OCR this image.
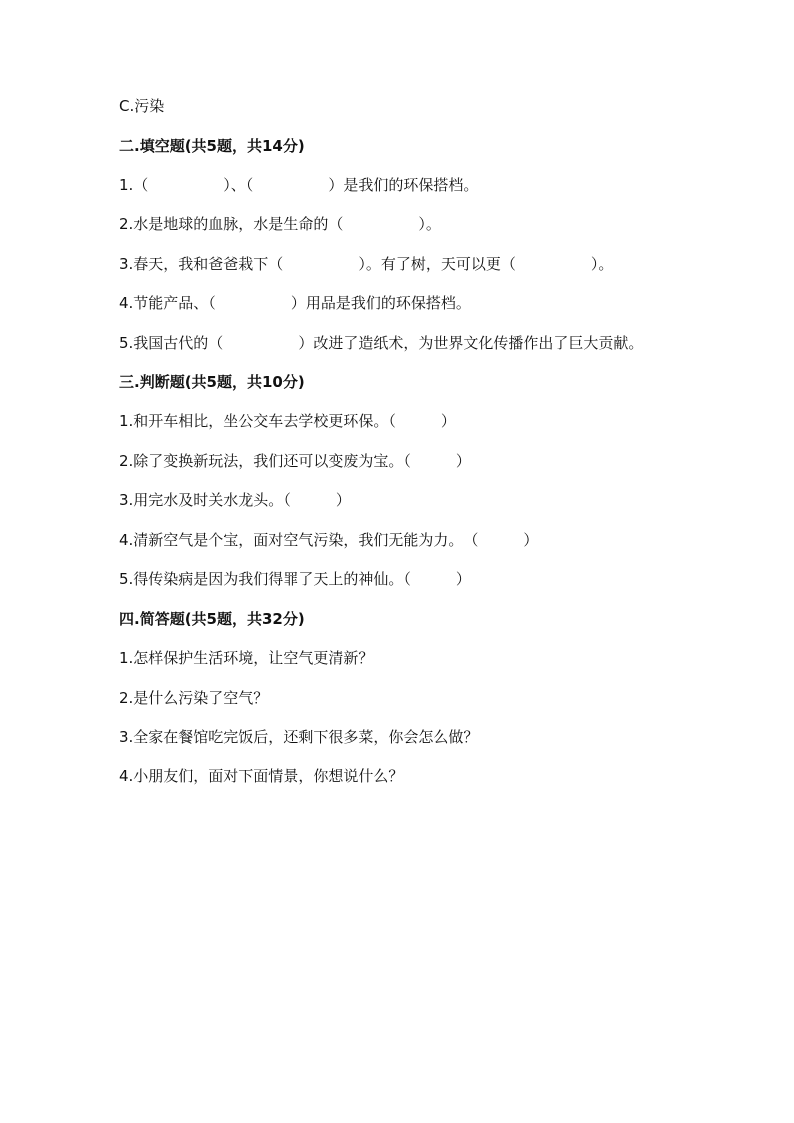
C.污染
二.填空题(共5题，共14分)
1.（　　　　　）、（　　　　　）是我们的环保搭档。
2.水是地球的血脉，水是生命的（　　　　　）。
3.春天，我和爸爸栽下（　　　　　）。有了树，天可以更（　　　　　）。
4.节能产品、（　　　　　）用品是我们的环保搭档。
5.我国古代的（　　　　　）改进了造纸术，为世界文化传播作出了巨大贡献。
三.判断题(共5题，共10分)
1.和开车相比，坐公交车去学校更环保。（　　　）
2.除了变换新玩法，我们还可以变废为宝。（　　　）
3.用完水及时关水龙头。（　　　）
4.清新空气是个宝，面对空气污染，我们无能为力。　（　　　）
5.得传染病是因为我们得罪了天上的神仙。（　　　）
四.简答题(共5题，共32分)
1.怎样保护生活环境，让空气更清新？
2.是什么污染了空气？
3.全家在餐馆吃完饭后，还剩下很多菜，你会怎么做？
4.小朋友们，面对下面情景，你想说什么？
